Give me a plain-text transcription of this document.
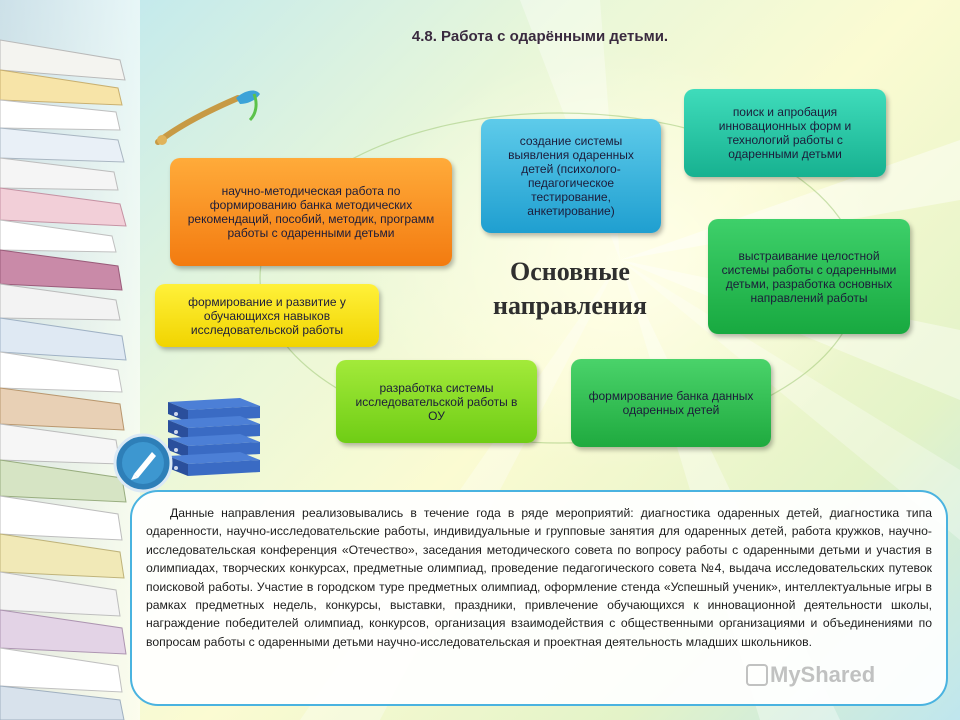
4.8. Работа с одарёнными детьми.
создание системы выявления одаренных детей (психолого-педагогическое тестирование, анкетирование)
поиск и апробация инновационных форм и технологий работы с одаренными детьми
научно-методическая работа по формированию банка методических рекомендаций, пособий, методик, программ работы с одаренными детьми
выстраивание целостной системы работы с одаренными детьми, разработка основных направлений работы
формирование и развитие у обучающихся навыков исследовательской работы
разработка системы исследовательской работы в ОУ
формирование банка данных одаренных детей
Основные
направления
Данные направления реализовывались в течение года в ряде мероприятий: диагностика одаренных детей, диагностика типа одаренности, научно-исследовательские работы, индивидуальные и групповые занятия для одаренных детей, работа кружков, научно-исследовательская конференция «Отечество», заседания методического совета по вопросу работы с одаренными детьми и участия в олимпиадах, творческих конкурсах, предметные олимпиад, проведение педагогического совета №4, выдача исследовательских путевок поисковой работы. Участие в городском туре предметных олимпиад, оформление стенда «Успешный ученик», интеллектуальные игры в рамках предметных недель, конкурсы, выставки, праздники, привлечение обучающихся к инновационной деятельности школы, награждение победителей олимпиад, конкурсов, организация взаимодействия с общественными организациями и объединениями по вопросам работы с одаренными детьми научно-исследовательская и проектная деятельность младших школьников.
MyShared
